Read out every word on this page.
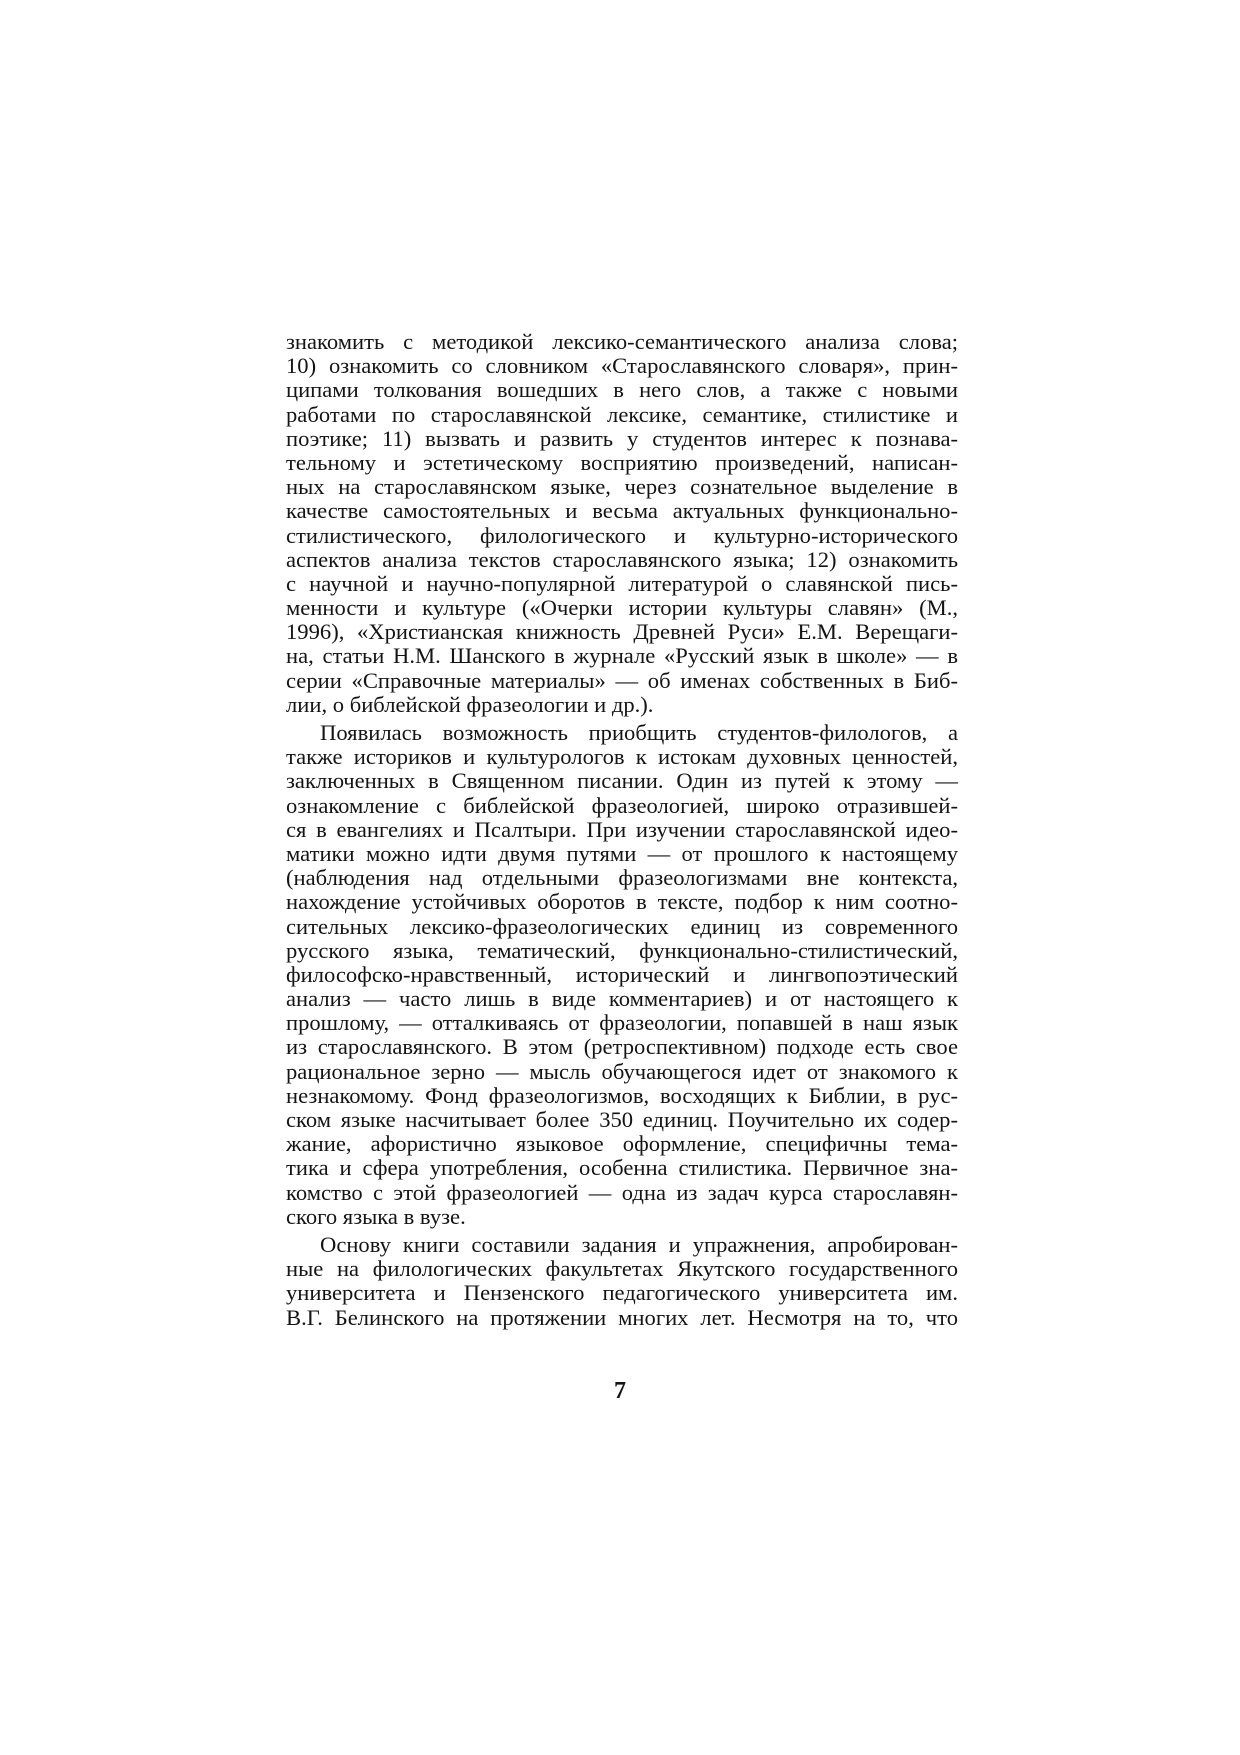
знакомить с методикой лексико-семантического анализа слова;
10) ознакомить со словником «Старославянского словаря», прин-
ципами толкования вошедших в него слов, а также с новыми
работами по старославянской лексике, семантике, стилистике и
поэтике; 11) вызвать и развить у студентов интерес к познава-
тельному и эстетическому восприятию произведений, написан-
ных на старославянском языке, через сознательное выделение в
качестве самостоятельных и весьма актуальных функционально-
стилистического, филологического и культурно-исторического
аспектов анализа текстов старославянского языка; 12) ознакомить
с научной и научно-популярной литературой о славянской пись-
менности и культуре («Очерки истории культуры славян» (М.,
1996), «Христианская книжность Древней Руси» Е.М. Верещаги-
на, статьи Н.М. Шанского в журнале «Русский язык в школе» — в
серии «Справочные материалы» — об именах собственных в Биб-
лии, о библейской фразеологии и др.).
Появилась возможность приобщить студентов-филологов, а
также историков и культурологов к истокам духовных ценностей,
заключенных в Священном писании. Один из путей к этому —
ознакомление с библейской фразеологией, широко отразившей-
ся в евангелиях и Псалтыри. При изучении старославянской идео-
матики можно идти двумя путями — от прошлого к настоящему
(наблюдения над отдельными фразеологизмами вне контекста,
нахождение устойчивых оборотов в тексте, подбор к ним соотно-
сительных лексико-фразеологических единиц из современного
русского языка, тематический, функционально-стилистический,
философско-нравственный, исторический и лингвопоэтический
анализ — часто лишь в виде комментариев) и от настоящего к
прошлому, — отталкиваясь от фразеологии, попавшей в наш язык
из старославянского. В этом (ретроспективном) подходе есть свое
рациональное зерно — мысль обучающегося идет от знакомого к
незнакомому. Фонд фразеологизмов, восходящих к Библии, в рус-
ском языке насчитывает более 350 единиц. Поучительно их содер-
жание, афористично языковое оформление, специфичны тема-
тика и сфера употребления, особенна стилистика. Первичное зна-
комство с этой фразеологией — одна из задач курса старославян-
ского языка в вузе.
Основу книги составили задания и упражнения, апробирован-
ные на филологических факультетах Якутского государственного
университета и Пензенского педагогического университета им.
В.Г. Белинского на протяжении многих лет. Несмотря на то, что
7
